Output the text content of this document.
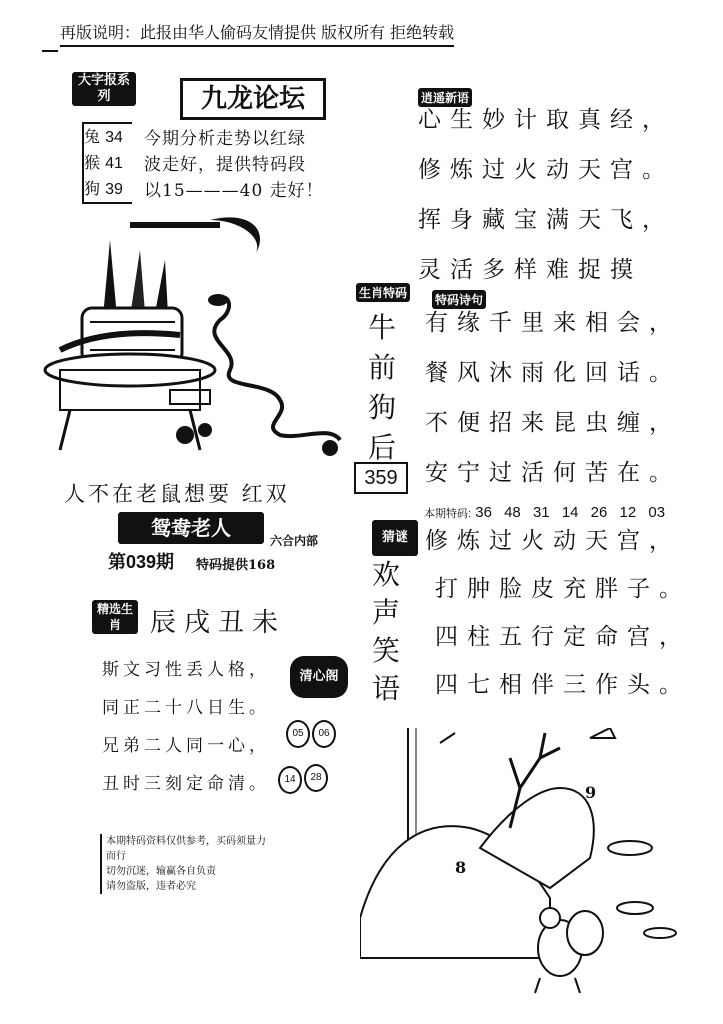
再版说明：此报由华人偷码友情提供 版权所有 拒绝转载
大字报系列	九龙论坛
兔 34
猴 41
狗 39
今期分析走势以红绿
波走好，提供特码段
以15———40 走好！
逍遥新语
心生妙计取真经，
修炼过火动天宫。
挥身藏宝满天飞，
灵活多样难捉摸
生肖特码
牛
前
狗
后
359
特码诗句
有缘千里来相会，
餐风沐雨化回话。
不便招来昆虫缠，
安宁过活何苦在。
人不在老鼠想要 红双
鸳鸯老人
六合内部
第039期 特码提供168
本期特码: 36 48 31 14 26 12 03
修炼过火动天宫，
打肿脸皮充胖子。
四柱五行定命宫，
四七相伴三作头。
猜谜
欢
声
笑
语
精选生肖	辰戌丑未
斯文习性丢人格，
同正二十八日生。
兄弟二人同一心，
丑时三刻定命清。
清心阁
05	06
14	28
本期特码资料仅供参考，买码须量力而行
切勿沉迷，输赢各自负责
请勿盗版，违者必究
8
9
